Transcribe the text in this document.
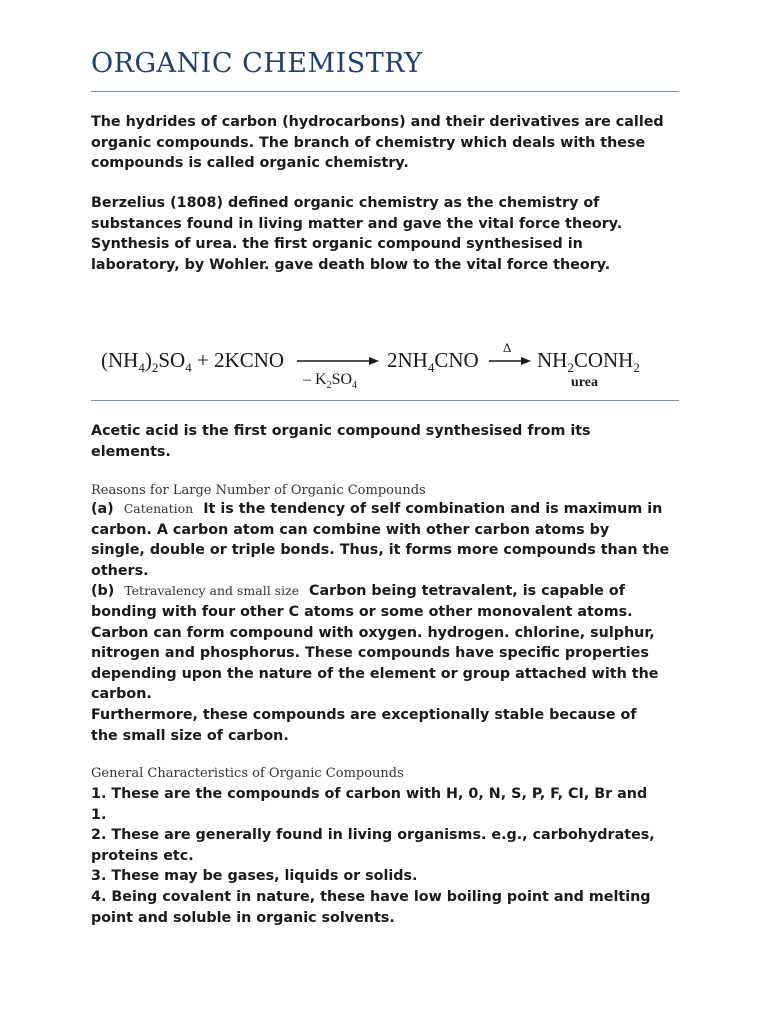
ORGANIC CHEMISTRY

The hydrides of carbon (hydrocarbons) and their derivatives are called
organic compounds. The branch of chemistry which deals with these
compounds is called organic chemistry.

Berzelius (1808) defined organic chemistry as the chemistry of
substances found in living matter and gave the vital force theory.
Synthesis of urea. the first organic compound synthesised in
laboratory, by Wohler. gave death blow to the vital force theory.

$(NH_4)_2SO_4$ + 2KCNO
– $K_2SO_4$
$2NH_4CNO$
Δ
$NH_2CONH_2$
urea

Acetic acid is the first organic compound synthesised from its
elements.

Reasons for Large Number of Organic Compounds

(a) Catenation It is the tendency of self combination and is maximum in
carbon. A carbon atom can combine with other carbon atoms by
single, double or triple bonds. Thus, it forms more compounds than the
others.
(b) Tetravalency and small size Carbon being tetravalent, is capable of
bonding with four other C atoms or some other monovalent atoms.
Carbon can form compound with oxygen. hydrogen. chlorine, sulphur,
nitrogen and phosphorus. These compounds have specific properties
depending upon the nature of the element or group attached with the
carbon.
Furthermore, these compounds are exceptionally stable because of
the small size of carbon.

General Characteristics of Organic Compounds

1. These are the compounds of carbon with H, 0, N, S, P, F, CI, Br and
1.
2. These are generally found in living organisms. e.g., carbohydrates,
proteins etc.
3. These may be gases, liquids or solids.
4. Being covalent in nature, these have low boiling point and melting
point and soluble in organic solvents.
